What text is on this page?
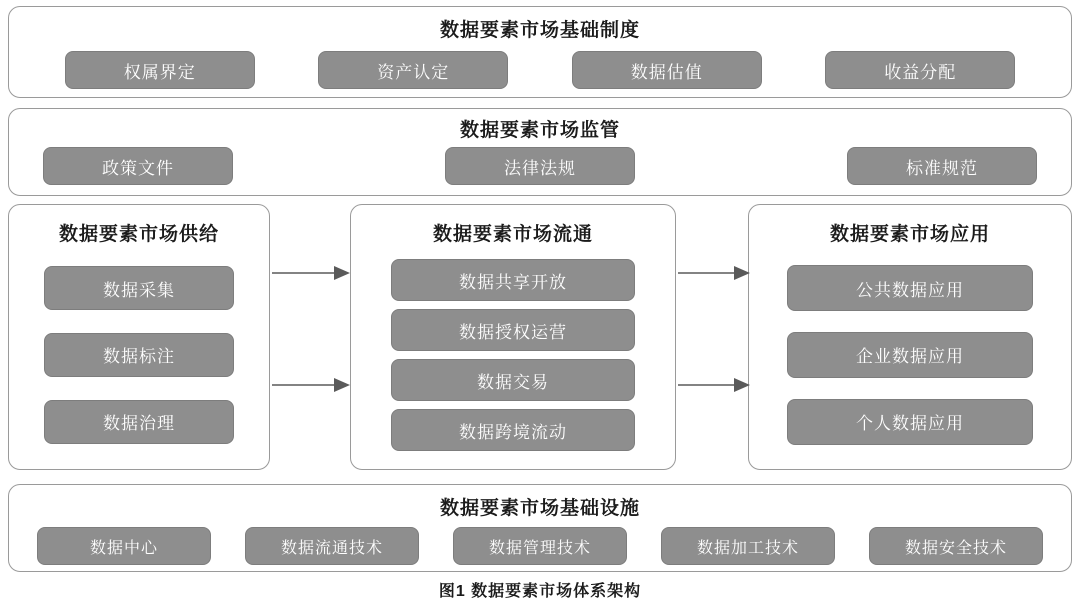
数据要素市场基础制度
权属界定	资产认定	数据估值	收益分配
数据要素市场监管
政策文件	法律法规	标准规范
数据要素市场供给
数据采集
数据标注
数据治理
数据要素市场流通
数据共享开放
数据授权运营
数据交易
数据跨境流动
数据要素市场应用
公共数据应用
企业数据应用
个人数据应用
数据要素市场基础设施
数据中心	数据流通技术	数据管理技术	数据加工技术	数据安全技术
图1 数据要素市场体系架构
